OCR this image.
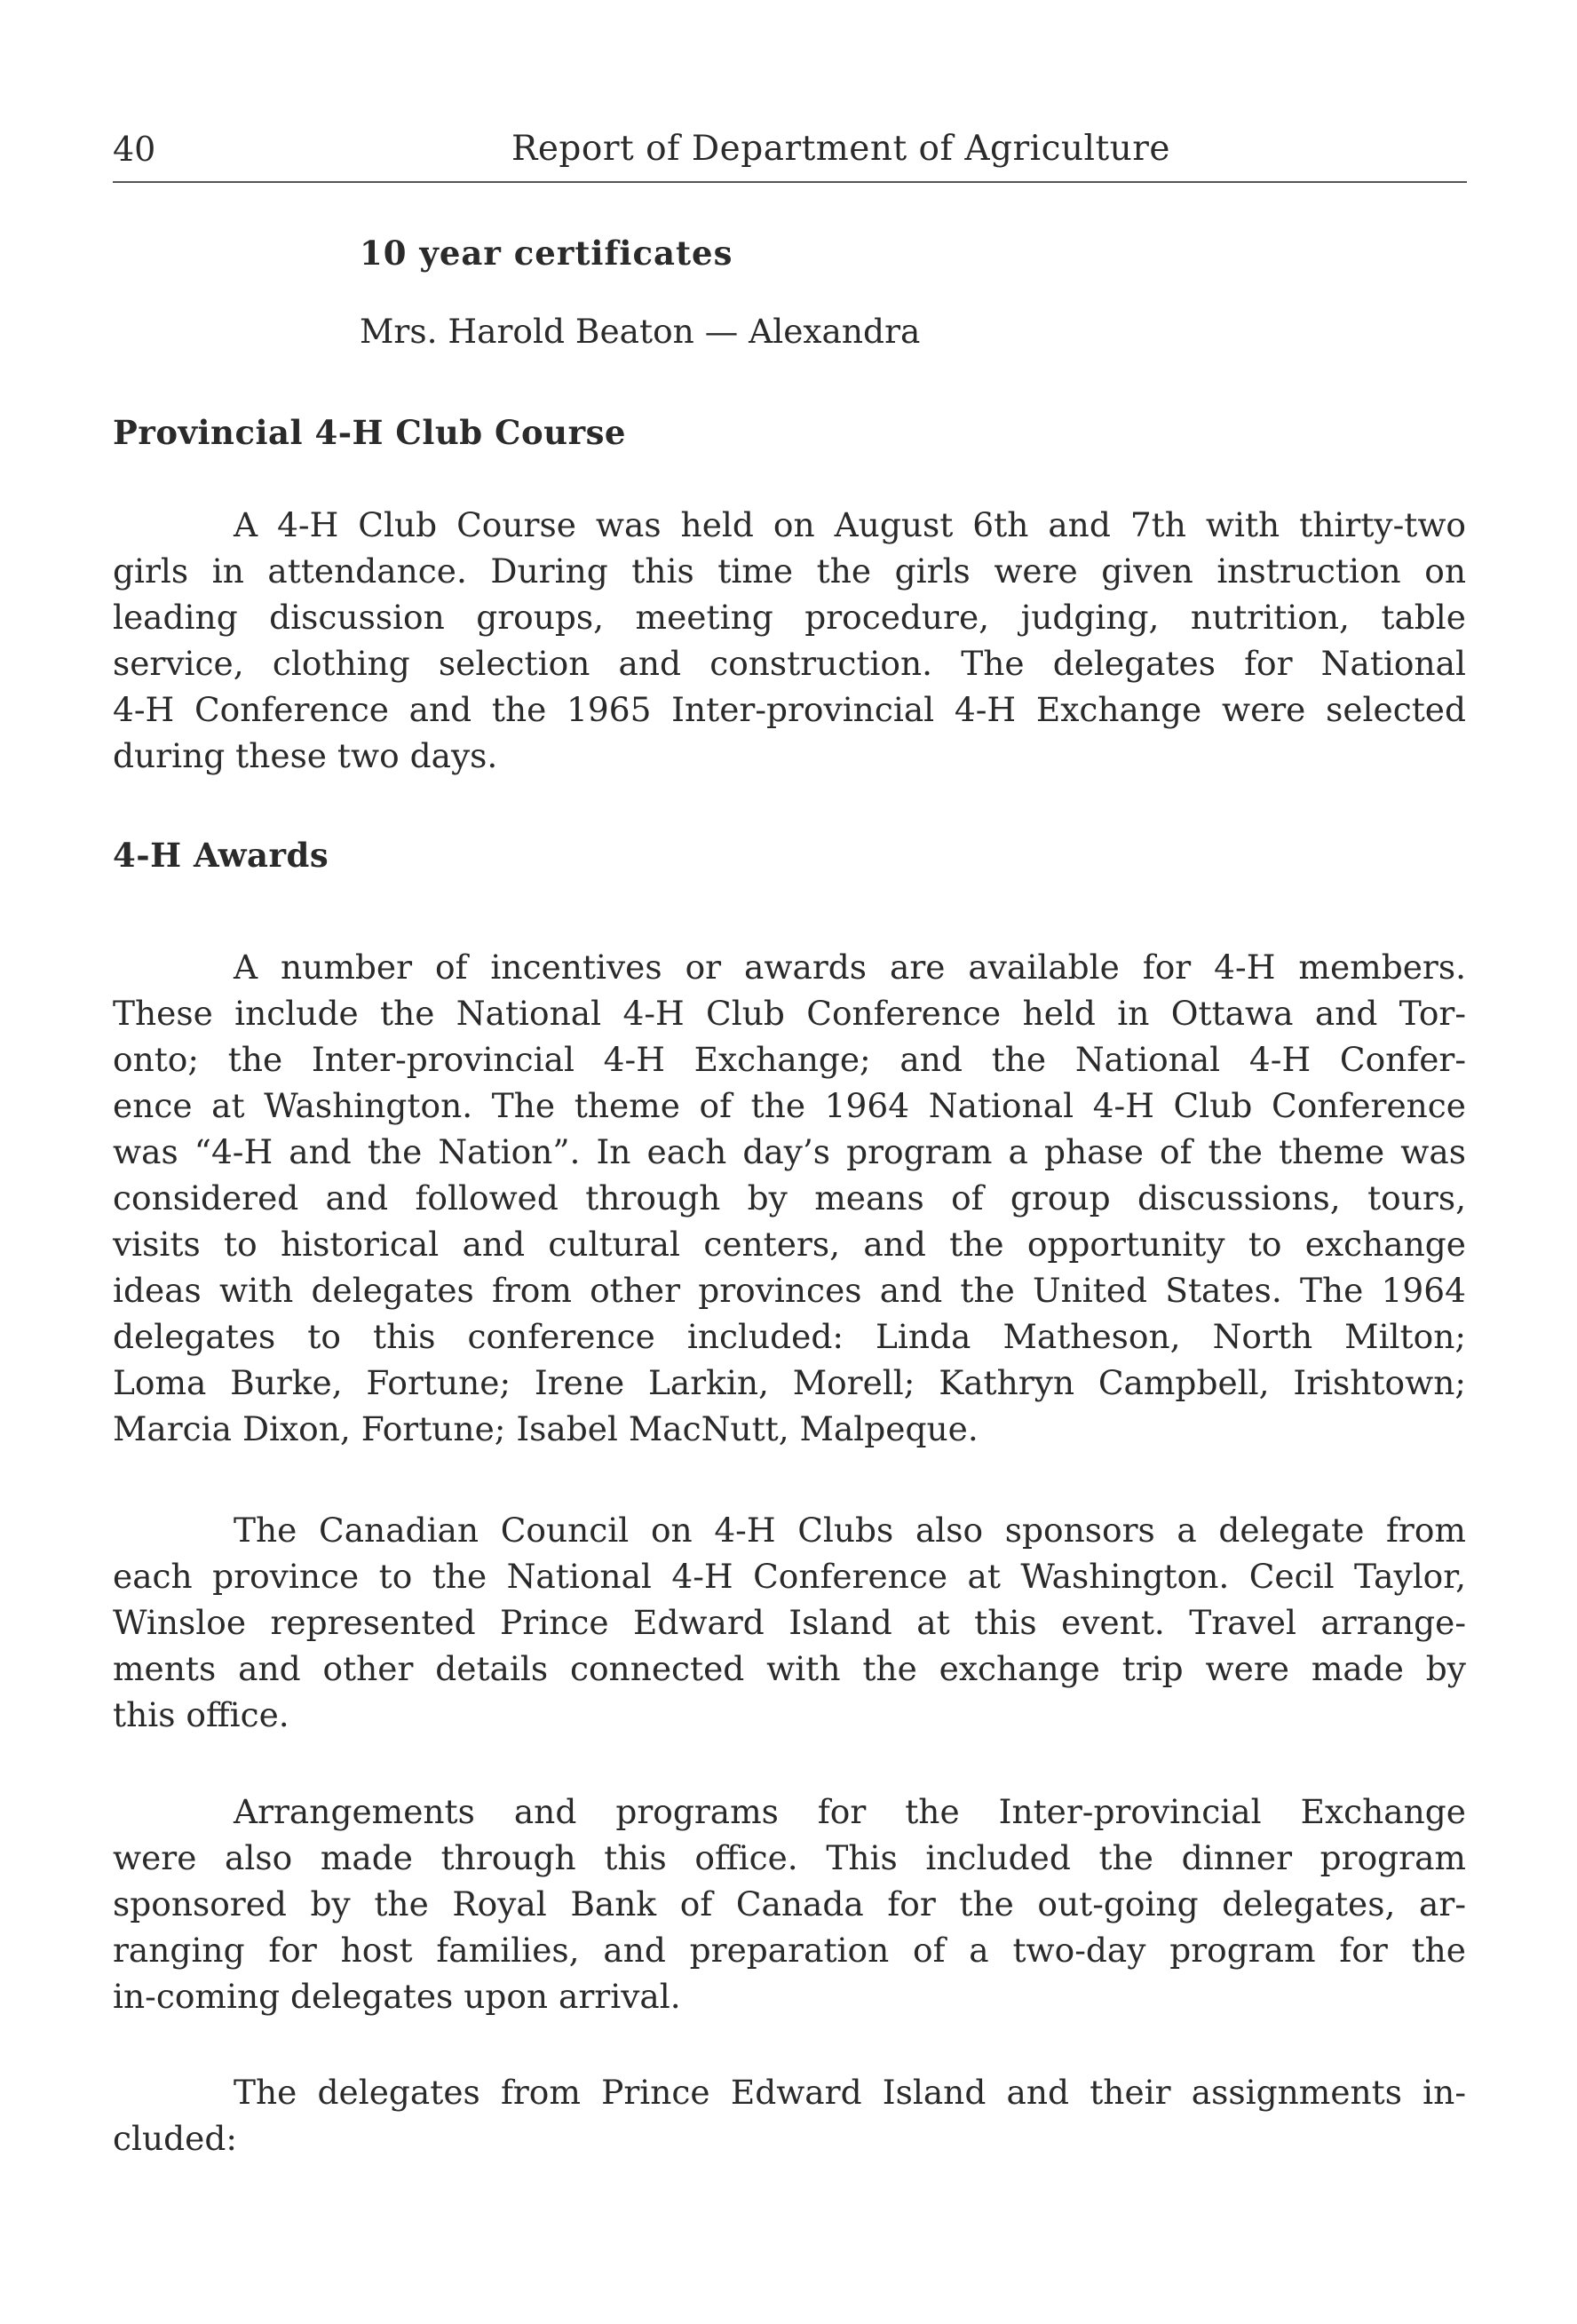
40	Report of Department of Agriculture
10 year certificates
Mrs. Harold Beaton — Alexandra
Provincial 4-H Club Course
A 4-H Club Course was held on August 6th and 7th with thirty-two
girls in attendance. During this time the girls were given instruction on
leading discussion groups, meeting procedure, judging, nutrition, table
service, clothing selection and construction. The delegates for National
4-H Conference and the 1965 Inter-provincial 4-H Exchange were selected
during these two days.
4-H Awards
A number of incentives or awards are available for 4-H members.
These include the National 4-H Club Conference held in Ottawa and Tor-
onto; the Inter-provincial 4-H Exchange; and the National 4-H Confer-
ence at Washington. The theme of the 1964 National 4-H Club Conference
was “4-H and the Nation”. In each day’s program a phase of the theme was
considered and followed through by means of group discussions, tours,
visits to historical and cultural centers, and the opportunity to exchange
ideas with delegates from other provinces and the United States. The 1964
delegates to this conference included: Linda Matheson, North Milton;
Loma Burke, Fortune; Irene Larkin, Morell; Kathryn Campbell, Irishtown;
Marcia Dixon, Fortune; Isabel MacNutt, Malpeque.
The Canadian Council on 4-H Clubs also sponsors a delegate from
each province to the National 4-H Conference at Washington. Cecil Taylor,
Winsloe represented Prince Edward Island at this event. Travel arrange-
ments and other details connected with the exchange trip were made by
this office.
Arrangements and programs for the Inter-provincial Exchange
were also made through this office. This included the dinner program
sponsored by the Royal Bank of Canada for the out-going delegates, ar-
ranging for host families, and preparation of a two-day program for the
in-coming delegates upon arrival.
The delegates from Prince Edward Island and their assignments in-
cluded:
